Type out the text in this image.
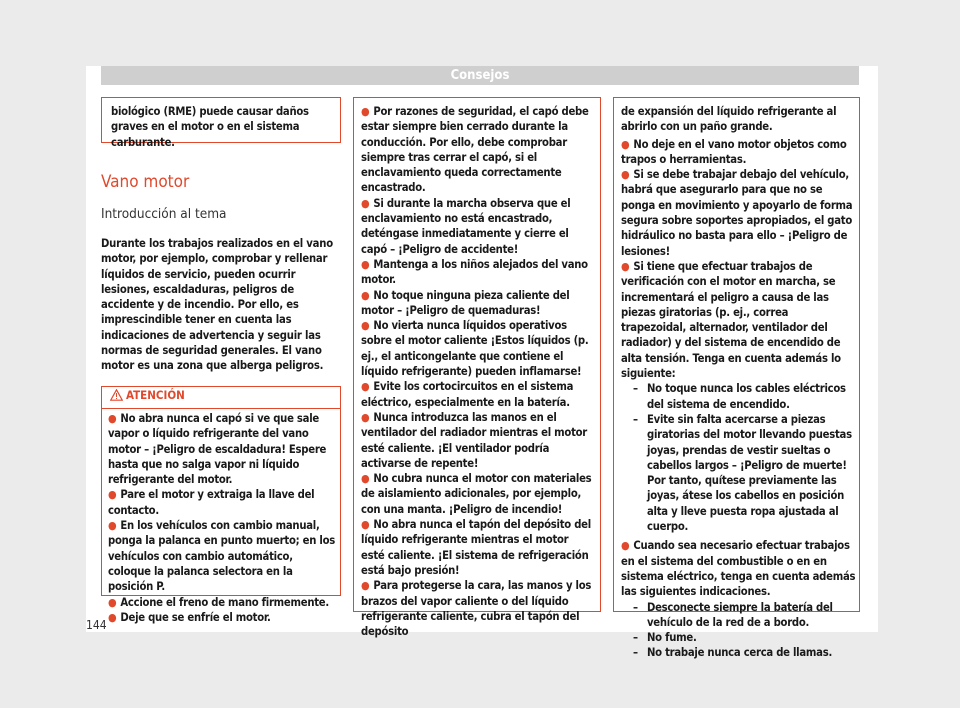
Consejos

biológico (RME) puede causar daños graves en el motor o en el sistema carburante.

Vano motor
Introducción al tema

Durante los trabajos realizados en el vano motor, por ejemplo, comprobar y rellenar líquidos de servicio, pueden ocurrir lesiones, escaldaduras, peligros de accidente y de incendio. Por ello, es imprescindible tener en cuenta las indicaciones de advertencia y seguir las normas de seguridad generales. El vano motor es una zona que alberga peligros.

ATENCIÓN

● No abra nunca el capó si ve que sale vapor o líquido refrigerante del vano motor – ¡Peligro de escaldadura! Espere hasta que no salga vapor ni líquido refrigerante del motor.

● Pare el motor y extraiga la llave del contacto.

● En los vehículos con cambio manual, ponga la palanca en punto muerto; en los vehículos con cambio automático, coloque la palanca selectora en la posición P.

● Accione el freno de mano firmemente.

● Deje que se enfríe el motor.

● Por razones de seguridad, el capó debe estar siempre bien cerrado durante la conducción. Por ello, debe comprobar siempre tras cerrar el capó, si el enclavamiento queda correctamente encastrado.

● Si durante la marcha observa que el enclavamiento no está encastrado, deténgase inmediatamente y cierre el capó – ¡Peligro de accidente!

● Mantenga a los niños alejados del vano motor.

● No toque ninguna pieza caliente del motor – ¡Peligro de quemaduras!

● No vierta nunca líquidos operativos sobre el motor caliente ¡Estos líquidos (p. ej., el anticongelante que contiene el líquido refrigerante) pueden inflamarse!

● Evite los cortocircuitos en el sistema eléctrico, especialmente en la batería.

● Nunca introduzca las manos en el ventilador del radiador mientras el motor esté caliente. ¡El ventilador podría activarse de repente!

● No cubra nunca el motor con materiales de aislamiento adicionales, por ejemplo, con una manta. ¡Peligro de incendio!

● No abra nunca el tapón del depósito del líquido refrigerante mientras el motor esté caliente. ¡El sistema de refrigeración está bajo presión!

● Para protegerse la cara, las manos y los brazos del vapor caliente o del líquido refrigerante caliente, cubra el tapón del depósito

de expansión del líquido refrigerante al abrirlo con un paño grande.

● No deje en el vano motor objetos como trapos o herramientas.

● Si se debe trabajar debajo del vehículo, habrá que asegurarlo para que no se ponga en movimiento y apoyarlo de forma segura sobre soportes apropiados, el gato hidráulico no basta para ello – ¡Peligro de lesiones!

● Si tiene que efectuar trabajos de verificación con el motor en marcha, se incrementará el peligro a causa de las piezas giratorias (p. ej., correa trapezoidal, alternador, ventilador del radiador) y del sistema de encendido de alta tensión. Tenga en cuenta además lo siguiente:

– No toque nunca los cables eléctricos del sistema de encendido.

– Evite sin falta acercarse a piezas giratorias del motor llevando puestas joyas, prendas de vestir sueltas o cabellos largos – ¡Peligro de muerte! Por tanto, quítese previamente las joyas, átese los cabellos en posición alta y lleve puesta ropa ajustada al cuerpo.

● Cuando sea necesario efectuar trabajos en el sistema del combustible o en en sistema eléctrico, tenga en cuenta además las siguientes indicaciones.

– Desconecte siempre la batería del vehículo de la red de a bordo.

– No fume.

– No trabaje nunca cerca de llamas.

144
